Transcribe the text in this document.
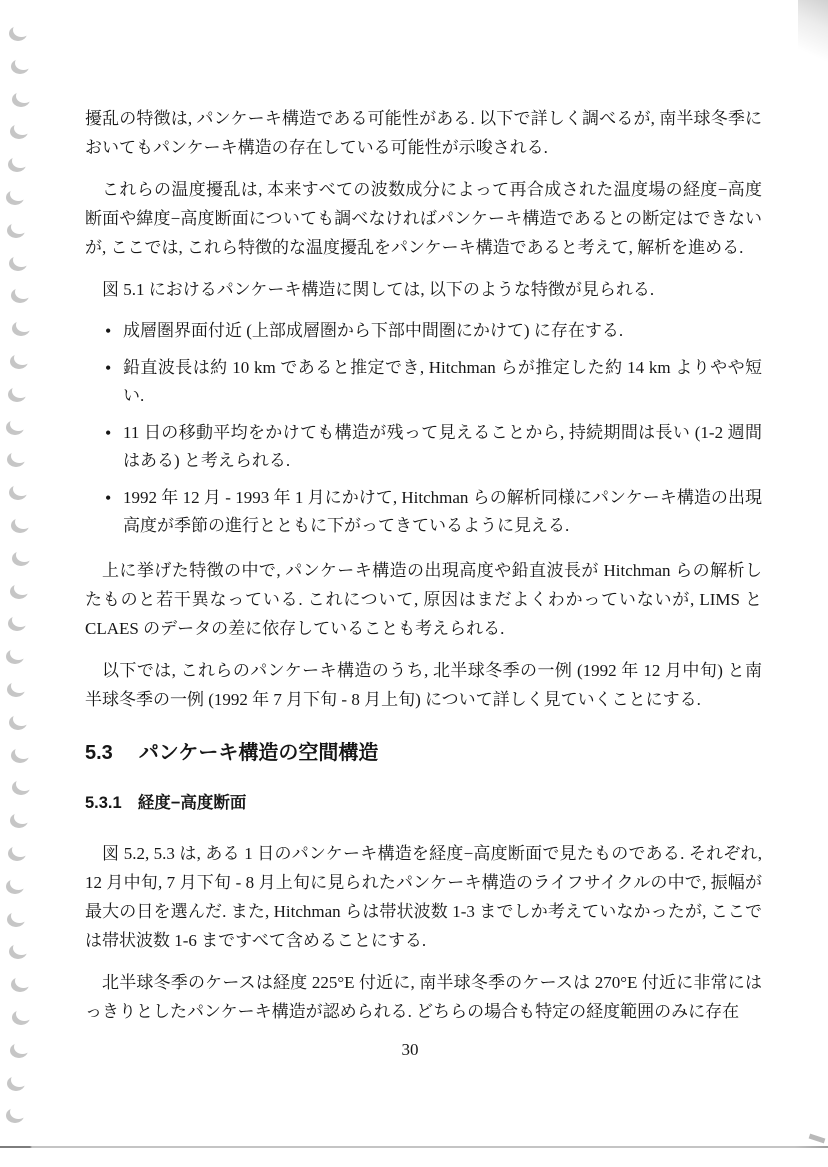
擾乱の特徴は, パンケーキ構造である可能性がある. 以下で詳しく調べるが, 南半球冬季においてもパンケーキ構造の存在している可能性が示唆される.

これらの温度擾乱は, 本来すべての波数成分によって再合成された温度場の経度−高度断面や緯度−高度断面についても調べなければパンケーキ構造であるとの断定はできないが, ここでは, これら特徴的な温度擾乱をパンケーキ構造であると考えて, 解析を進める.

図 5.1 におけるパンケーキ構造に関しては, 以下のような特徴が見られる.

• 成層圏界面付近 (上部成層圏から下部中間圏にかけて) に存在する.
• 鉛直波長は約 10 km であると推定でき, Hitchman らが推定した約 14 km よりやや短い.
• 11 日の移動平均をかけても構造が残って見えることから, 持続期間は長い (1-2 週間はある) と考えられる.
• 1992 年 12 月 - 1993 年 1 月にかけて, Hitchman らの解析同様にパンケーキ構造の出現高度が季節の進行とともに下がってきているように見える.

上に挙げた特徴の中で, パンケーキ構造の出現高度や鉛直波長が Hitchman らの解析したものと若干異なっている. これについて, 原因はまだよくわかっていないが, LIMS と CLAES のデータの差に依存していることも考えられる.

以下では, これらのパンケーキ構造のうち, 北半球冬季の一例 (1992 年 12 月中旬) と南半球冬季の一例 (1992 年 7 月下旬 - 8 月上旬) について詳しく見ていくことにする.

5.3 パンケーキ構造の空間構造
5.3.1 経度−高度断面

図 5.2, 5.3 は, ある 1 日のパンケーキ構造を経度−高度断面で見たものである. それぞれ, 12 月中旬, 7 月下旬 - 8 月上旬に見られたパンケーキ構造のライフサイクルの中で, 振幅が最大の日を選んだ. また, Hitchman らは帯状波数 1-3 までしか考えていなかったが, ここでは帯状波数 1-6 まですべて含めることにする.

北半球冬季のケースは経度 225°E 付近に, 南半球冬季のケースは 270°E 付近に非常にはっきりとしたパンケーキ構造が認められる. どちらの場合も特定の経度範囲のみに存在

30
